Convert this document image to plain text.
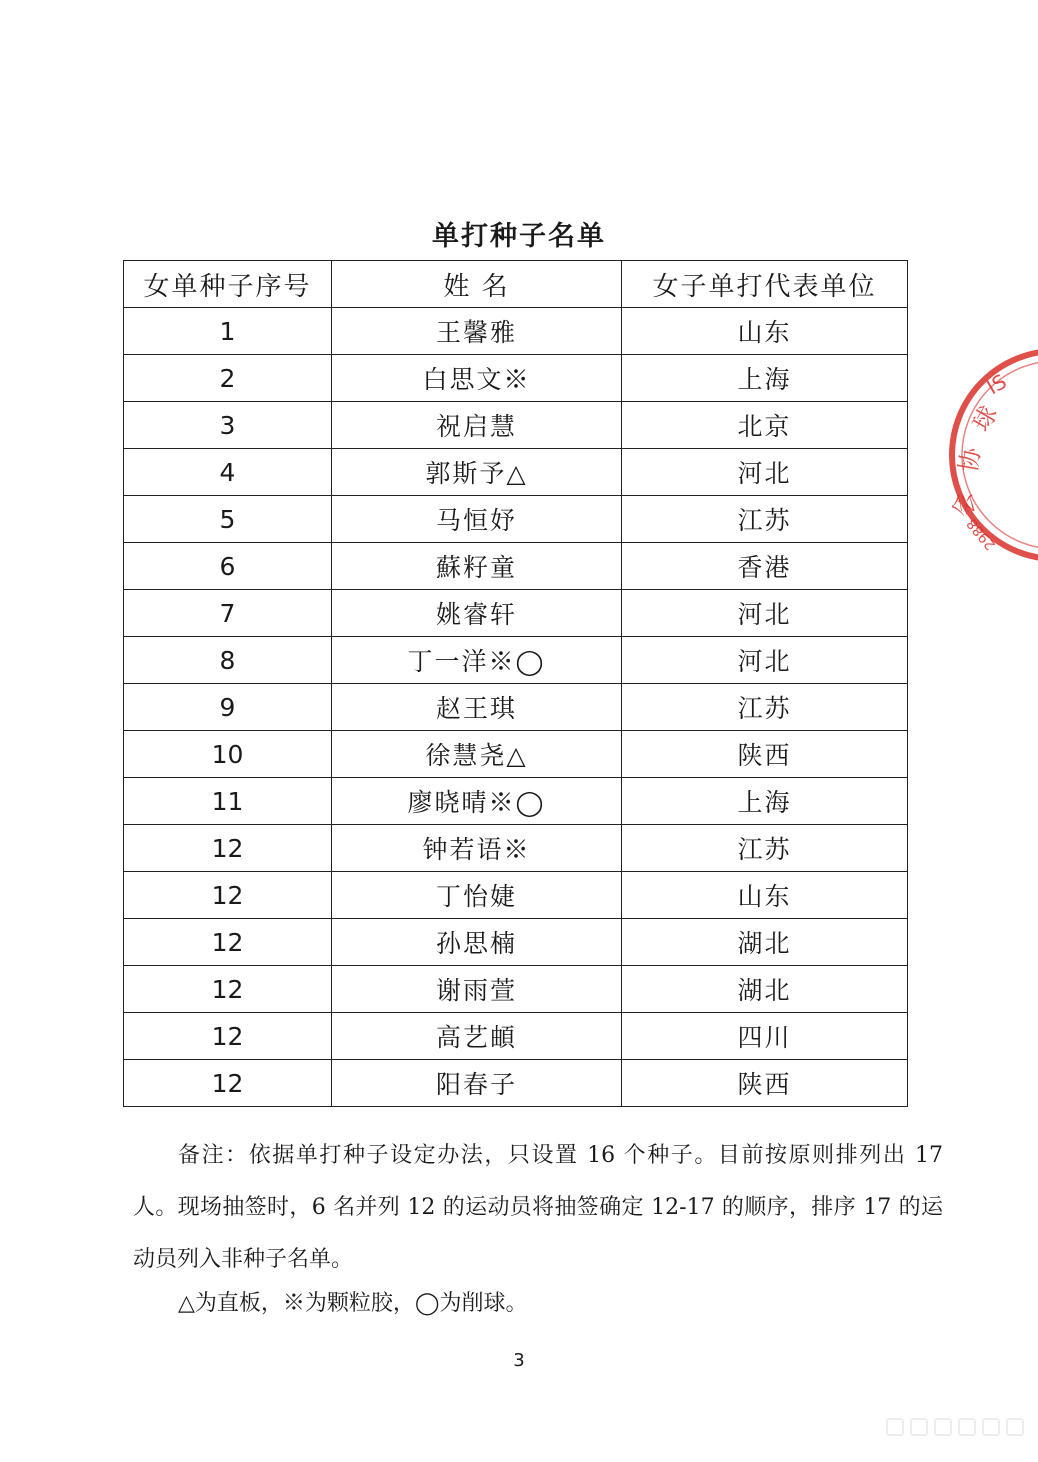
单打种子名单
女单种子序号	姓 名	女子单打代表单位
1	王馨雅	山东
2	白思文※	上海
3	祝启慧	北京
4	郭斯予△	河北
5	马恒妤	江苏
6	蘇籽童	香港
7	姚睿轩	河北
8	丁一洋※◯	河北
9	赵王琪	江苏
10	徐慧尧△	陕西
11	廖晓晴※◯	上海
12	钟若语※	江苏
12	丁怡婕	山东
12	孙思楠	湖北
12	谢雨萱	湖北
12	高艺頔	四川
12	阳春子	陕西
备注：依据单打种子设定办法，只设置 16 个种子。目前按原则排列出 17 人。现场抽签时，6 名并列 12 的运动员将抽签确定 12-17 的顺序，排序 17 的运动员列入非种子名单。
△为直板，※为颗粒胶，◯为削球。
3
IS
球
协
会
2988
